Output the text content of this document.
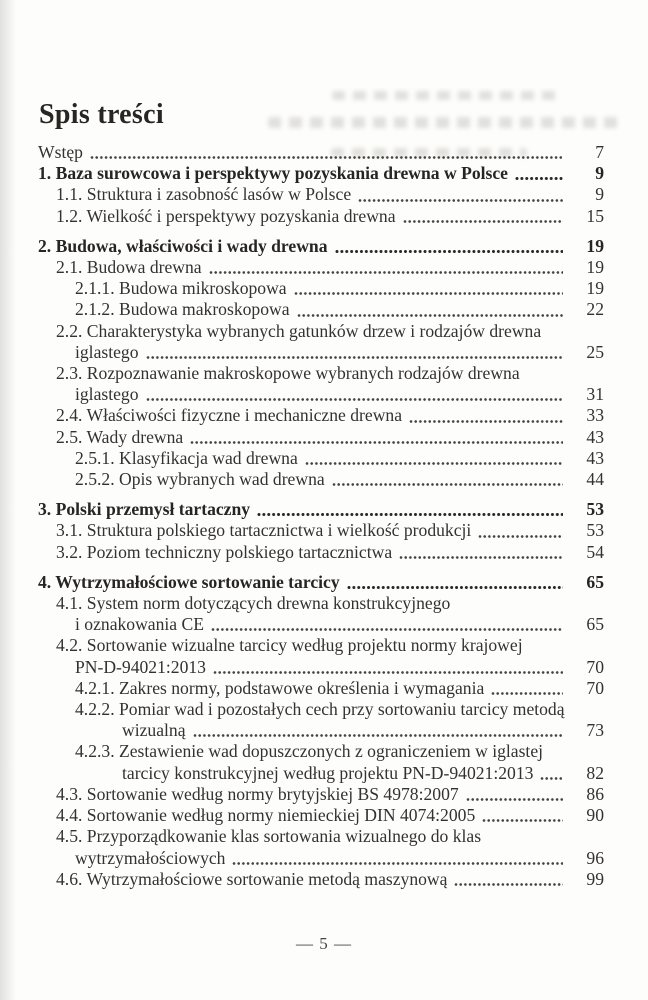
Spis treści
Wstęp	7
1. Baza surowcowa i perspektywy pozyskania drewna w Polsce	9
1.1. Struktura i zasobność lasów w Polsce	9
1.2. Wielkość i perspektywy pozyskania drewna	15
2. Budowa, właściwości i wady drewna	19
2.1. Budowa drewna	19
2.1.1. Budowa mikroskopowa	19
2.1.2. Budowa makroskopowa	22
2.2. Charakterystyka wybranych gatunków drzew i rodzajów drewna
iglastego	25
2.3. Rozpoznawanie makroskopowe wybranych rodzajów drewna
iglastego	31
2.4. Właściwości fizyczne i mechaniczne drewna	33
2.5. Wady drewna	43
2.5.1. Klasyfikacja wad drewna	43
2.5.2. Opis wybranych wad drewna	44
3. Polski przemysł tartaczny	53
3.1. Struktura polskiego tartacznictwa i wielkość produkcji	53
3.2. Poziom techniczny polskiego tartacznictwa	54
4. Wytrzymałościowe sortowanie tarcicy	65
4.1. System norm dotyczących drewna konstrukcyjnego
i oznakowania CE	65
4.2. Sortowanie wizualne tarcicy według projektu normy krajowej
PN-D-94021:2013	70
4.2.1. Zakres normy, podstawowe określenia i wymagania	70
4.2.2. Pomiar wad i pozostałych cech przy sortowaniu tarcicy metodą
wizualną	73
4.2.3. Zestawienie wad dopuszczonych z ograniczeniem w iglastej
tarcicy konstrukcyjnej według projektu PN-D-94021:2013	82
4.3. Sortowanie według normy brytyjskiej BS 4978:2007	86
4.4. Sortowanie według normy niemieckiej DIN 4074:2005	90
4.5. Przyporządkowanie klas sortowania wizualnego do klas
wytrzymałościowych	96
4.6. Wytrzymałościowe sortowanie metodą maszynową	99
— 5 —
